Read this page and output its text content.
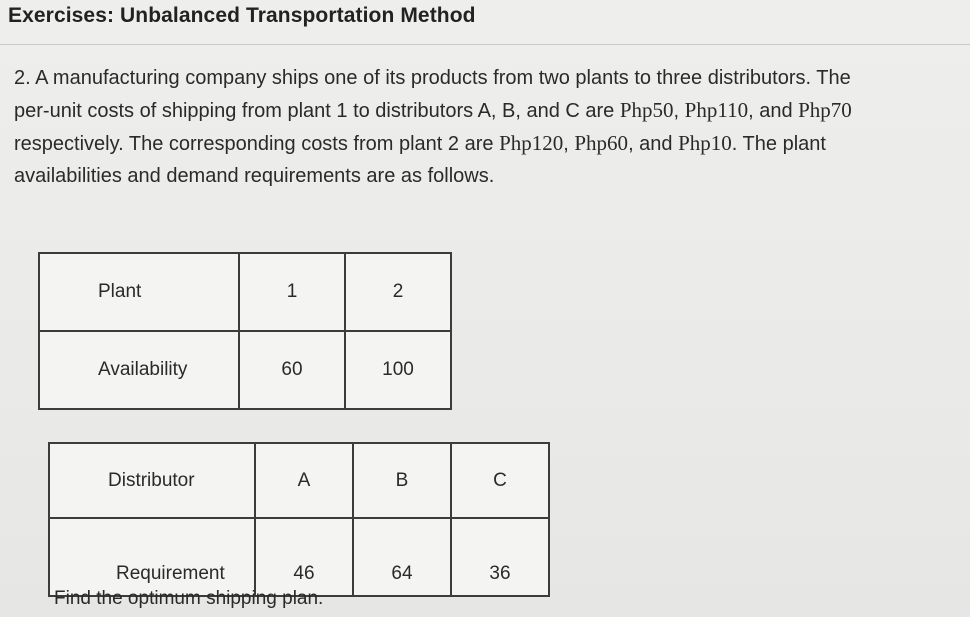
Exercises: Unbalanced Transportation Method
2. A manufacturing company ships one of its products from two plants to three distributors. The
per-unit costs of shipping from plant 1 to distributors A, B, and C are Php50, Php110, and Php70
respectively. The corresponding costs from plant 2 are Php120, Php60, and Php10. The plant
availabilities and demand requirements are as follows.
Plant	1	2
Availability	60	100
Distributor	A	B	C
Requirement	46	64	36
Find the optimum shipping plan.
